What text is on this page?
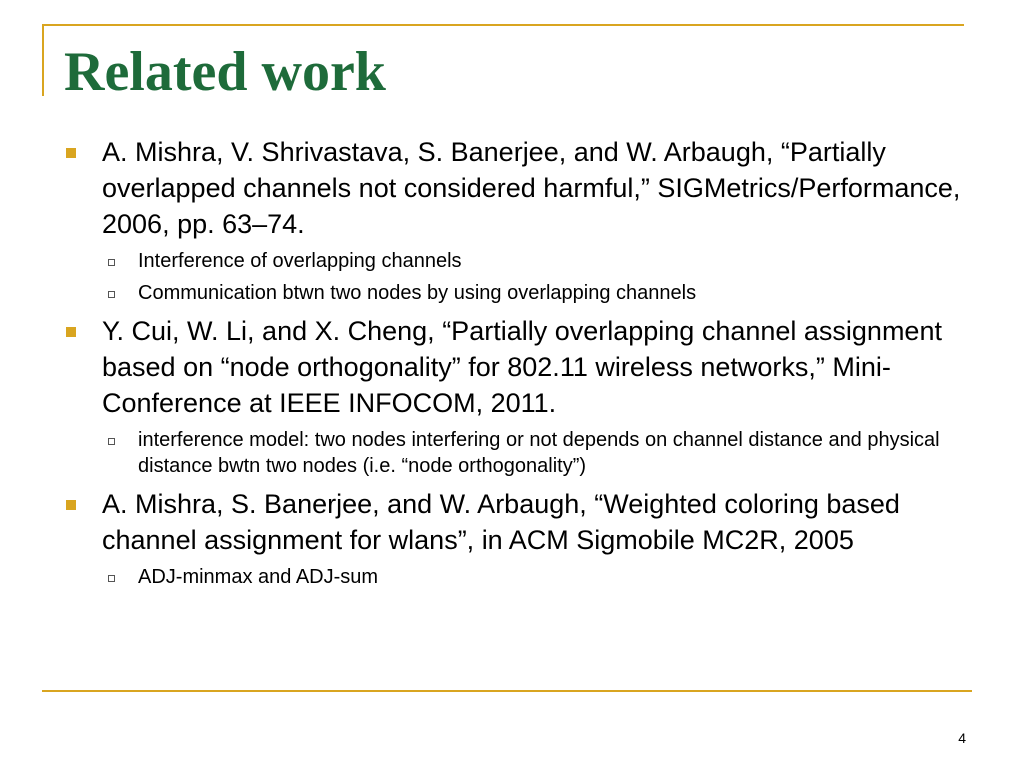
Related work
A. Mishra, V. Shrivastava, S. Banerjee, and W. Arbaugh, “Partially overlapped channels not considered harmful,” SIGMetrics/Performance, 2006, pp. 63–74.
Interference of overlapping channels
Communication btwn two nodes by using overlapping channels
Y. Cui, W. Li, and X. Cheng, “Partially overlapping channel assignment based on “node orthogonality” for 802.11 wireless networks,” Mini-Conference at IEEE INFOCOM, 2011.
interference model: two nodes interfering or not depends on channel distance and physical distance bwtn two nodes (i.e. “node orthogonality”)
A. Mishra, S. Banerjee, and W. Arbaugh, “Weighted coloring based channel assignment for wlans”, in ACM Sigmobile MC2R, 2005
ADJ-minmax and ADJ-sum
4
